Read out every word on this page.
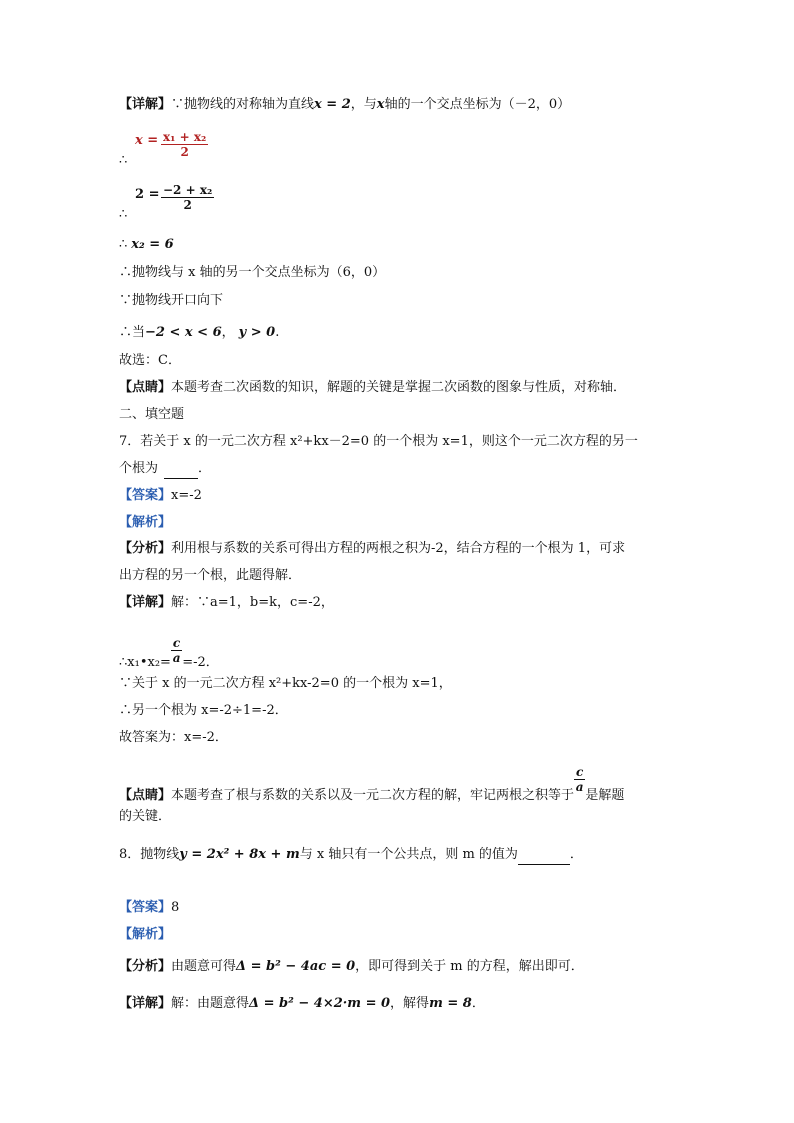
【详解】∵抛物线的对称轴为直线x = 2，与x轴的一个交点坐标为（－2，0）
$x = \frac{\text{x₁ + x₂}}{2}$
∴
$2 = \frac{\text{−2 + x₂}}{2}$
∴
∴ x₂ = 6
∴抛物线与 x 轴的另一个交点坐标为（6，0）
∵抛物线开口向下
∴当−2 < x < 6， y > 0.
故选：C．
【点睛】本题考查二次函数的知识，解题的关键是掌握二次函数的图象与性质，对称轴．
二、填空题
7．若关于 x 的一元二次方程 x²+kx－2=0 的一个根为 x=1，则这个一元二次方程的另一
个根为	．
【答案】x=-2
【解析】
【分析】利用根与系数的关系可得出方程的两根之积为-2，结合方程的一个根为 1，可求
出方程的另一个根，此题得解．
【详解】解：∵a=1，b=k，c=-2，
∴x₁•x₂= $\frac{c}{a} =-2$．
∵关于 x 的一元二次方程 x²+kx-2=0 的一个根为 x=1，
∴另一个根为 x=-2÷1=-2．
故答案为：x=-2．
【点睛】本题考查了根与系数的关系以及一元二次方程的解，牢记两根之积等于
$\frac{c}{a}$
是解题
的关键．
8．抛物线y = 2x² + 8x + m与 x 轴只有一个公共点，则 m 的值为	．
【答案】8
【解析】
【分析】由题意可得Δ = b² − 4ac = 0，即可得到关于 m 的方程，解出即可．
【详解】解：由题意得Δ = b² − 4×2·m = 0，解得m = 8．
